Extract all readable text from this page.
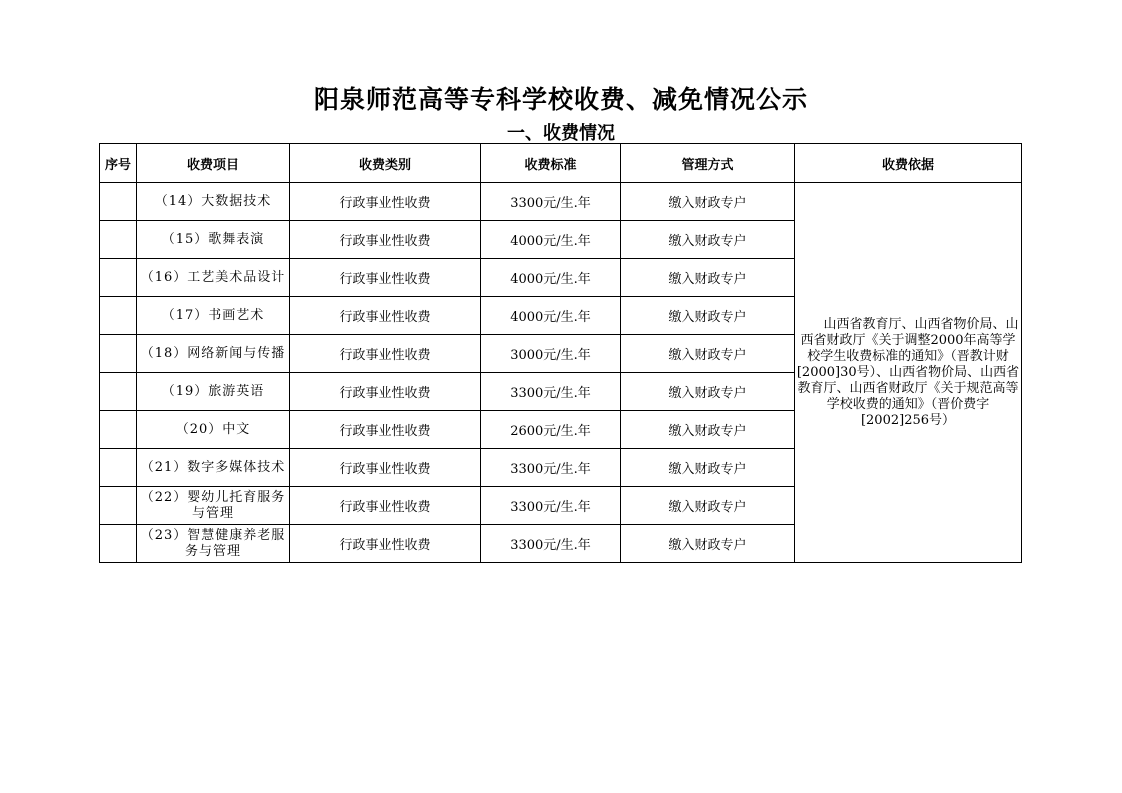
阳泉师范高等专科学校收费、减免情况公示
一、收费情况
序号	收费项目	收费类别	收费标准	管理方式	收费依据
	（14）大数据技术	行政事业性收费	3300元/生.年	缴入财政专户	　　山西省教育厅、山西省物价局、山西省财政厅《关于调整2000年高等学校学生收费标准的通知》（晋教计财[2000]30号）、山西省物价局、山西省教育厅、山西省财政厅《关于规范高等学校收费的通知》（晋价费字[2002]256号）
	（15）歌舞表演	行政事业性收费	4000元/生.年	缴入财政专户	
	（16）工艺美术品设计	行政事业性收费	4000元/生.年	缴入财政专户	
	（17）书画艺术	行政事业性收费	4000元/生.年	缴入财政专户	
	（18）网络新闻与传播	行政事业性收费	3000元/生.年	缴入财政专户	
	（19）旅游英语	行政事业性收费	3300元/生.年	缴入财政专户	
	（20）中文	行政事业性收费	2600元/生.年	缴入财政专户	
	（21）数字多媒体技术	行政事业性收费	3300元/生.年	缴入财政专户	
	（22）婴幼儿托育服务与管理	行政事业性收费	3300元/生.年	缴入财政专户	
	（23）智慧健康养老服务与管理	行政事业性收费	3300元/生.年	缴入财政专户	
